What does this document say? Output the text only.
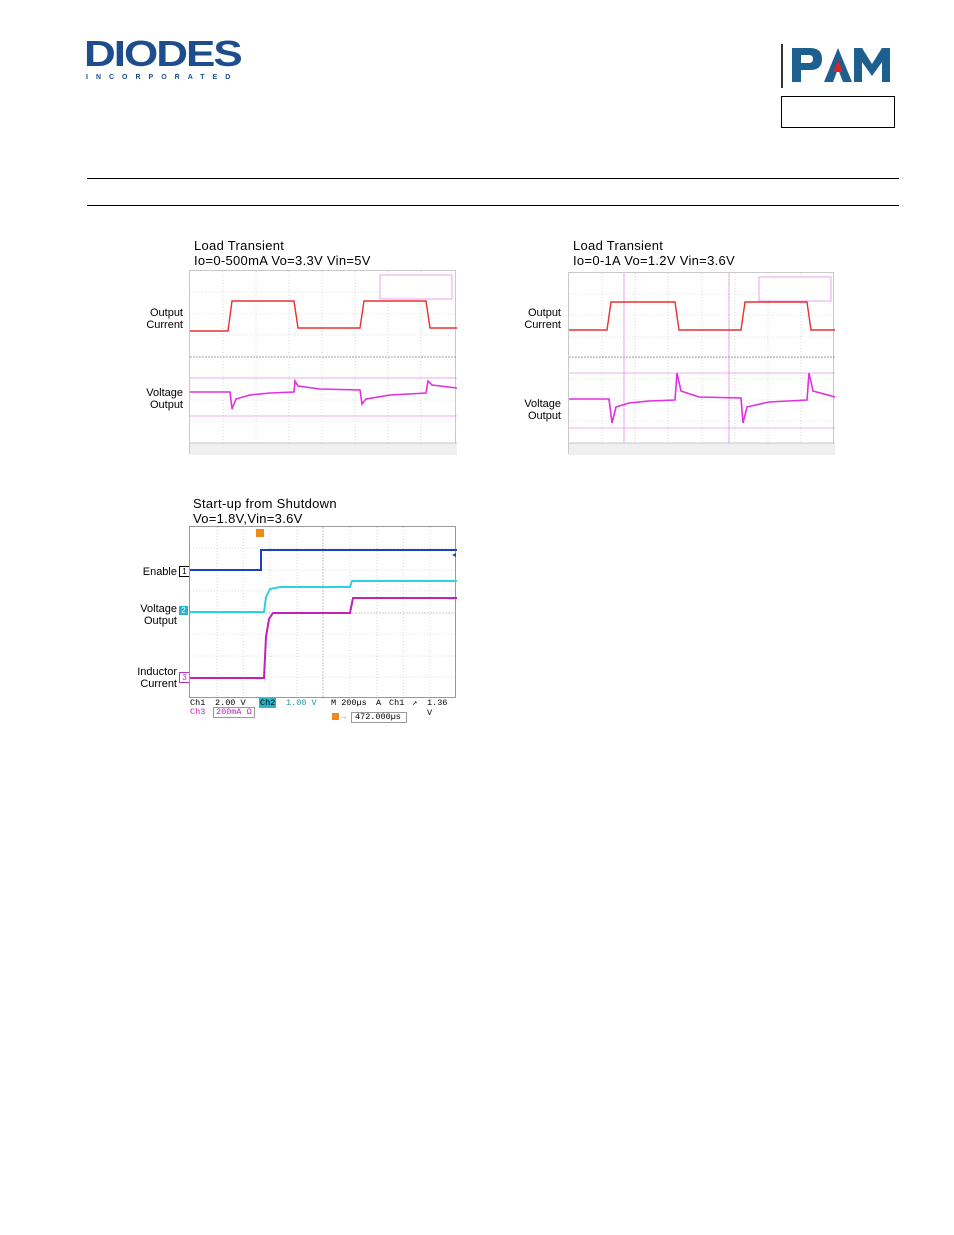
DIODES
INCORPORATED
Load Transient
Io=0-500mA Vo=3.3V Vin=5V
Output
Current
Voltage
Output
Load Transient
Io=0-1A Vo=1.2V Vin=3.6V
Output
Current
Voltage
Output
Start-up from Shutdown
Vo=1.8V,Vin=3.6V
Enable 1
Voltage
Output
2
Inductor
Current
3
Ch1 2.00 V Ch2 1.00 V M 200µs A Ch1 ↗ 1.36 V
Ch3	200mA Ω	→	472.000µs
